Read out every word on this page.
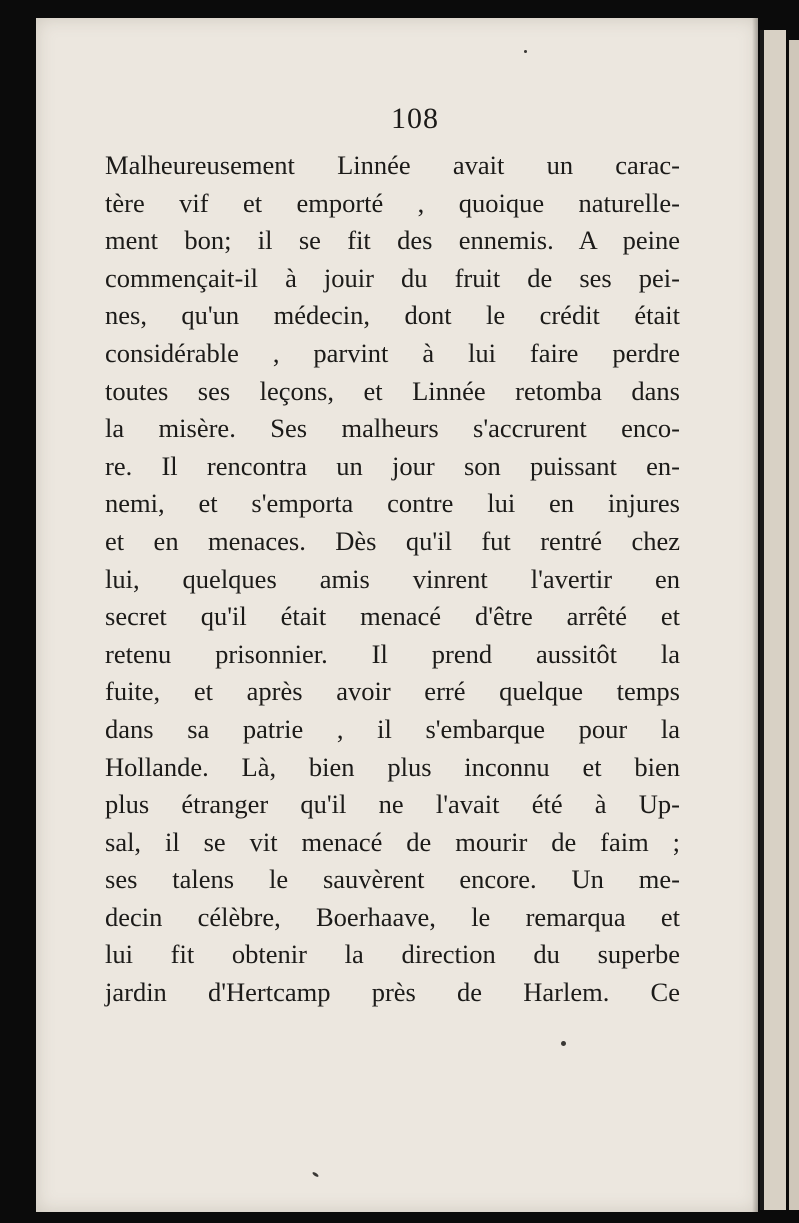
108
Malheureusement Linnée avait un carac-
tère vif et emporté , quoique naturelle-
ment bon; il se fit des ennemis. A peine
commençait-il à jouir du fruit de ses pei-
nes, qu'un médecin, dont le crédit était
considérable , parvint à lui faire perdre
toutes ses leçons, et Linnée retomba dans
la misère. Ses malheurs s'accrurent enco-
re. Il rencontra un jour son puissant en-
nemi, et s'emporta contre lui en injures
et en menaces. Dès qu'il fut rentré chez
lui, quelques amis vinrent l'avertir en
secret qu'il était menacé d'être arrêté et
retenu prisonnier. Il prend aussitôt la
fuite, et après avoir erré quelque temps
dans sa patrie , il s'embarque pour la
Hollande. Là, bien plus inconnu et bien
plus étranger qu'il ne l'avait été à Up-
sal, il se vit menacé de mourir de faim ;
ses talens le sauvèrent encore. Un me-
decin célèbre, Boerhaave, le remarqua et
lui fit obtenir la direction du superbe
jardin d'Hertcamp près de Harlem. Ce
